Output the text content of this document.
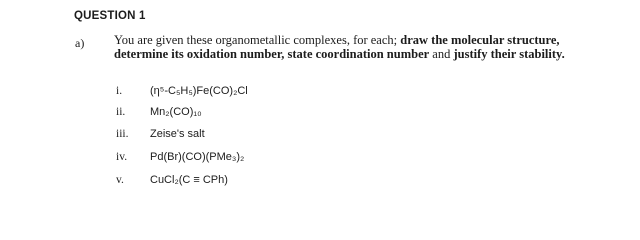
QUESTION 1
a) You are given these organometallic complexes, for each; draw the molecular structure, determine its oxidation number, state coordination number and justify their stability.
i.	(η⁵-C₅H₅)Fe(CO)₂Cl
ii. Mn₂(CO)₁₀
iii. Zeise's salt
iv. Pd(Br)(CO)(PMe₃)₂
v. CuCl₂(C ≡ CPh)
